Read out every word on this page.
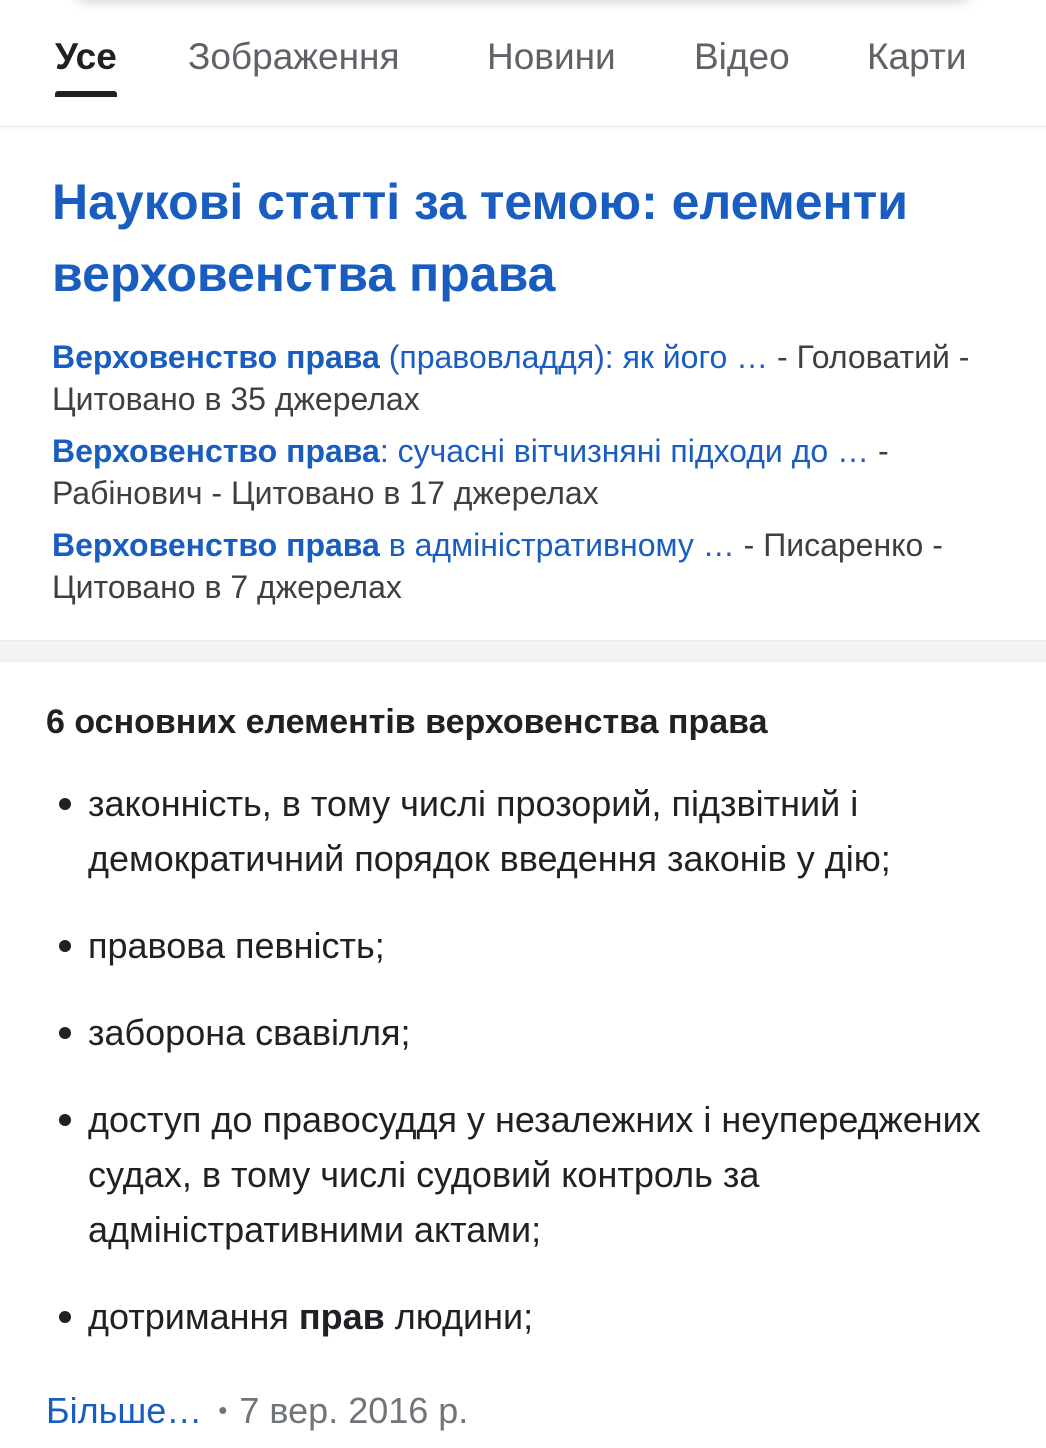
Усе Зображення Новини Відео Карти
Наукові статті за темою: елементи верховенства права
Верховенство права (правовладдя): як його … - Головатий - Цитовано в 35 джерелах
Верховенство права: сучасні вітчизняні підходи до … - Рабінович - Цитовано в 17 джерелах
Верховенство права в адміністративному … - Писаренко - Цитовано в 7 джерелах
6 основних елементів верховенства права
законність, в тому числі прозорий, підзвітний і демократичний порядок введення законів у дію;
правова певність;
заборона свавілля;
доступ до правосуддя у незалежних і неупереджених судах, в тому числі судовий контроль за адміністративними актами;
дотримання прав людини;
Більше… • 7 вер. 2016 р.
